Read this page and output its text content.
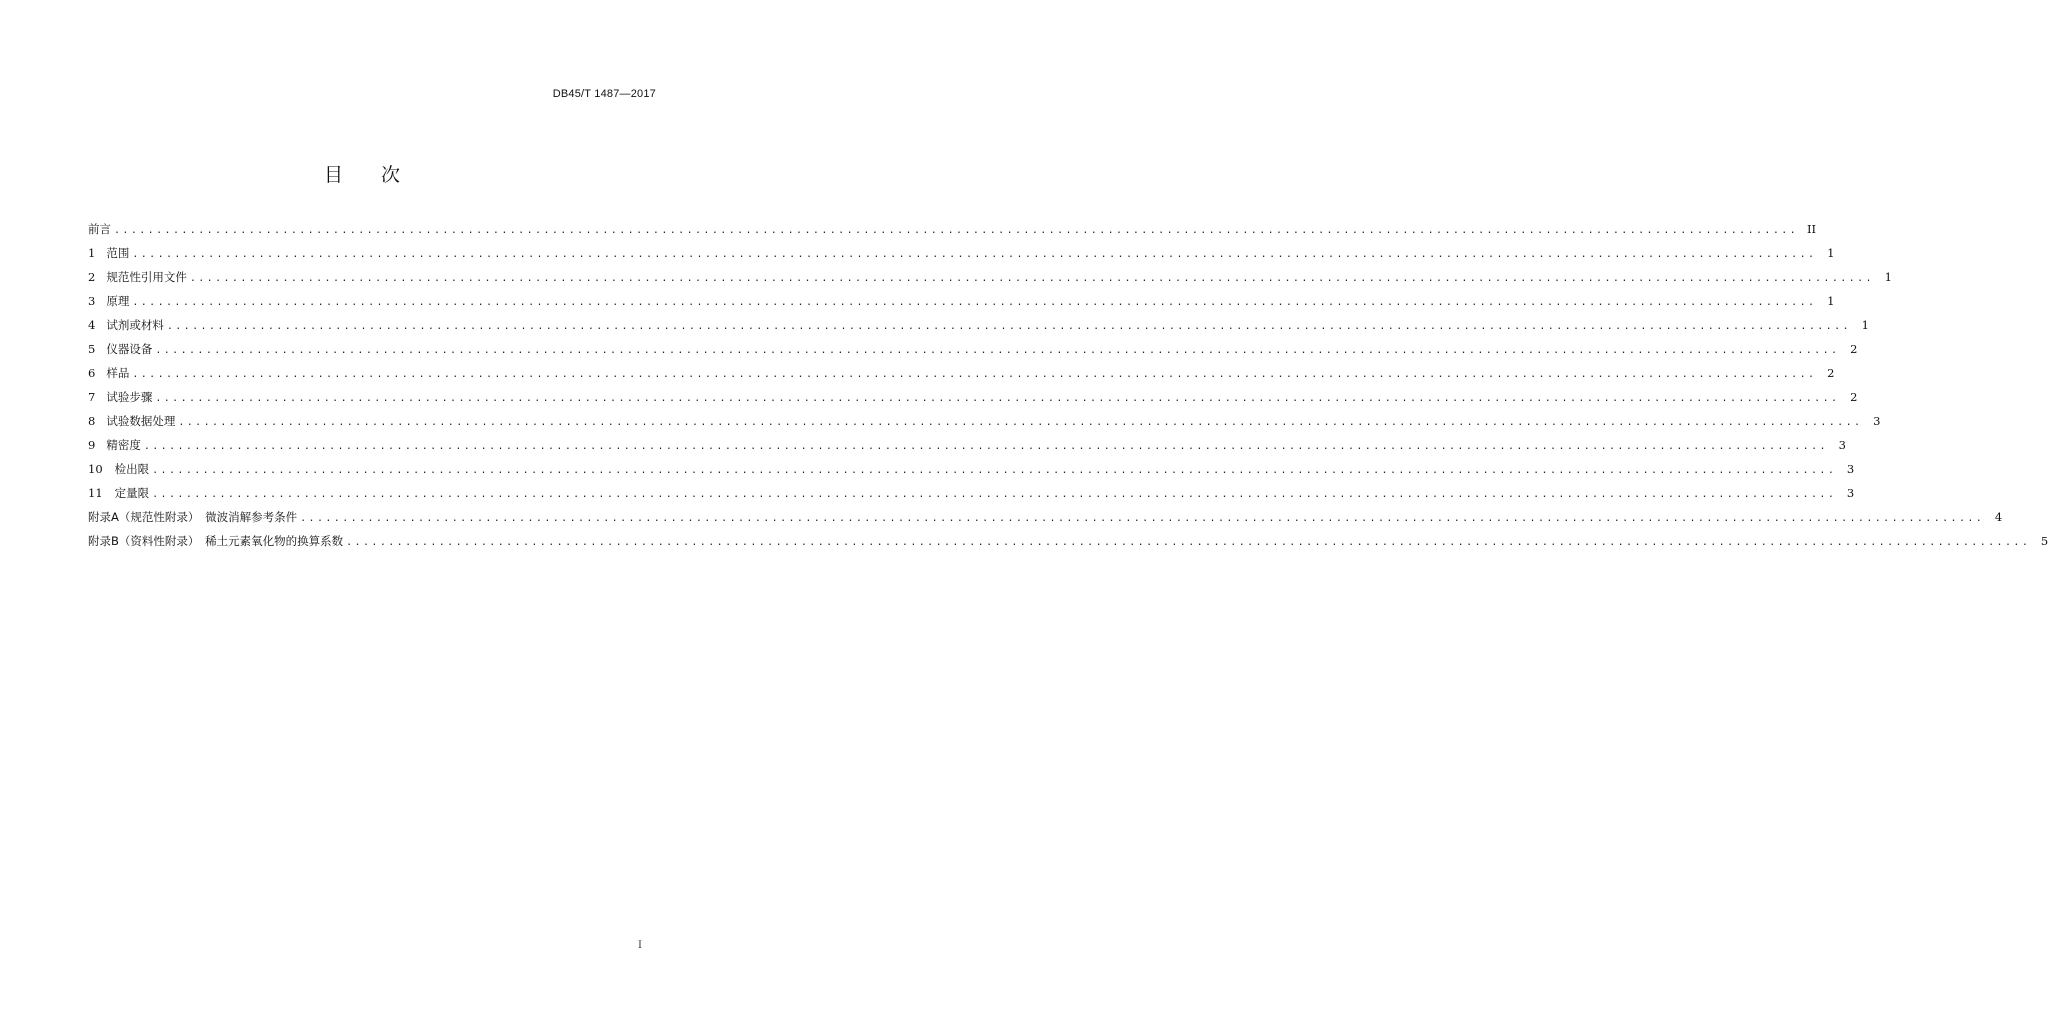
DB45/T 1487—2017
目 次
前言 ........................................................................................................................................................................................................ II
1 范围 ........................................................................................................................................................................................................ 1
2 规范性引用文件 ........................................................................................................................................................................................................ 1
3 原理 ........................................................................................................................................................................................................ 1
4 试剂或材料 ........................................................................................................................................................................................................ 1
5 仪器设备 ........................................................................................................................................................................................................ 2
6 样品 ........................................................................................................................................................................................................ 2
7 试验步骤 ........................................................................................................................................................................................................ 2
8 试验数据处理 ........................................................................................................................................................................................................ 3
9 精密度 ........................................................................................................................................................................................................ 3
10 检出限 ........................................................................................................................................................................................................ 3
11 定量限 ........................................................................................................................................................................................................ 3
附录A（规范性附录）　微波消解参考条件 ........................................................................................................................................................................................................ 4
附录B（资料性附录）　稀土元素氧化物的换算系数 ........................................................................................................................................................................................................ 5
I
